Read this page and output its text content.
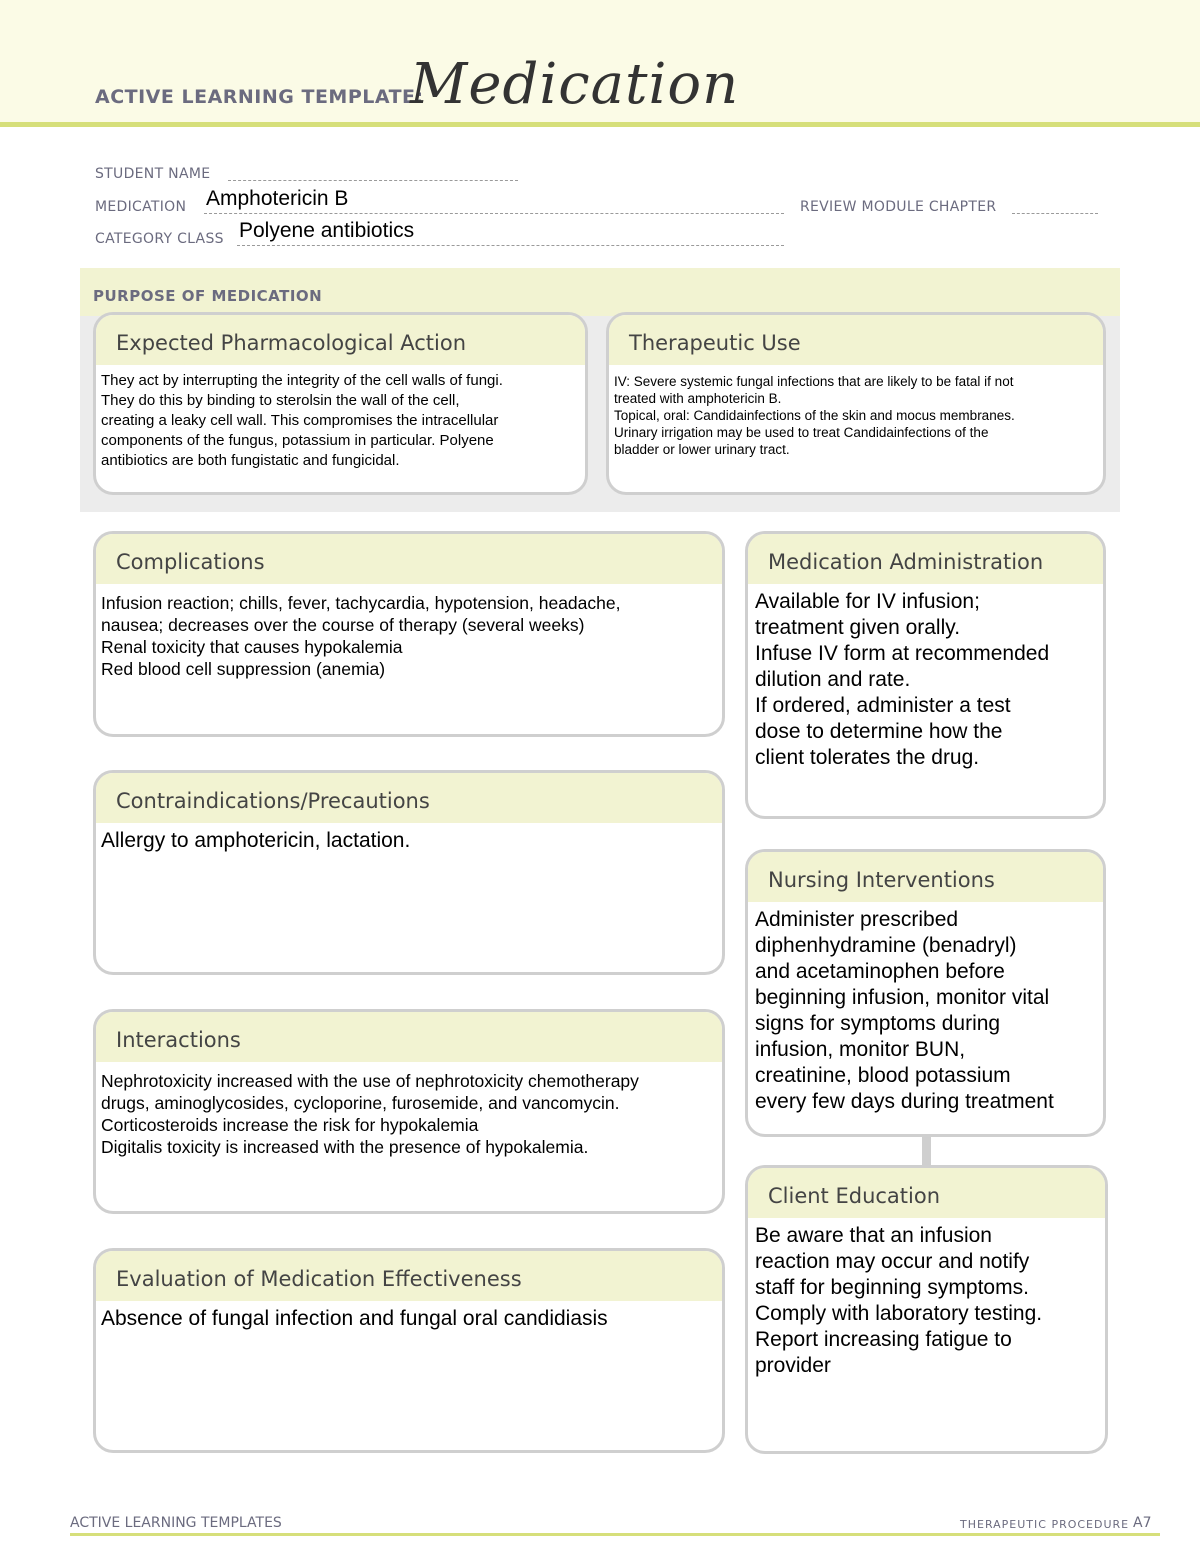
ACTIVE LEARNING TEMPLATE:
Medication
STUDENT NAME
MEDICATION Amphotericin B	REVIEW MODULE CHAPTER
CATEGORY CLASS Polyene antibiotics
PURPOSE OF MEDICATION
Expected Pharmacological Action
They act by interrupting the integrity of the cell walls of fungi.
They do this by binding to sterolsin the wall of the cell,
creating a leaky cell wall. This compromises the intracellular
components of the fungus, potassium in particular. Polyene
antibiotics are both fungistatic and fungicidal.
Therapeutic Use
IV: Severe systemic fungal infections that are likely to be fatal if not
treated with amphotericin B.
Topical, oral: Candidainfections of the skin and mocus membranes.
Urinary irrigation may be used to treat Candidainfections of the
bladder or lower urinary tract.
Complications
Infusion reaction; chills, fever, tachycardia, hypotension, headache,
nausea; decreases over the course of therapy (several weeks)
Renal toxicity that causes hypokalemia
Red blood cell suppression (anemia)
Contraindications/Precautions
Allergy to amphotericin, lactation.
Interactions
Nephrotoxicity increased with the use of nephrotoxicity chemotherapy
drugs, aminoglycosides, cycloporine, furosemide, and vancomycin.
Corticosteroids increase the risk for hypokalemia
Digitalis toxicity is increased with the presence of hypokalemia.
Evaluation of Medication Effectiveness
Absence of fungal infection and fungal oral candidiasis
Medication Administration
Available for IV infusion;
treatment given orally.
Infuse IV form at recommended
dilution and rate.
If ordered, administer a test
dose to determine how the
client tolerates the drug.
Nursing Interventions
Administer prescribed
diphenhydramine (benadryl)
and acetaminophen before
beginning infusion, monitor vital
signs for symptoms during
infusion, monitor BUN,
creatinine, blood potassium
every few days during treatment
Client Education
Be aware that an infusion
reaction may occur and notify
staff for beginning symptoms.
Comply with laboratory testing.
Report increasing fatigue to
provider
ACTIVE LEARNING TEMPLATES	THERAPEUTIC PROCEDURE A7
